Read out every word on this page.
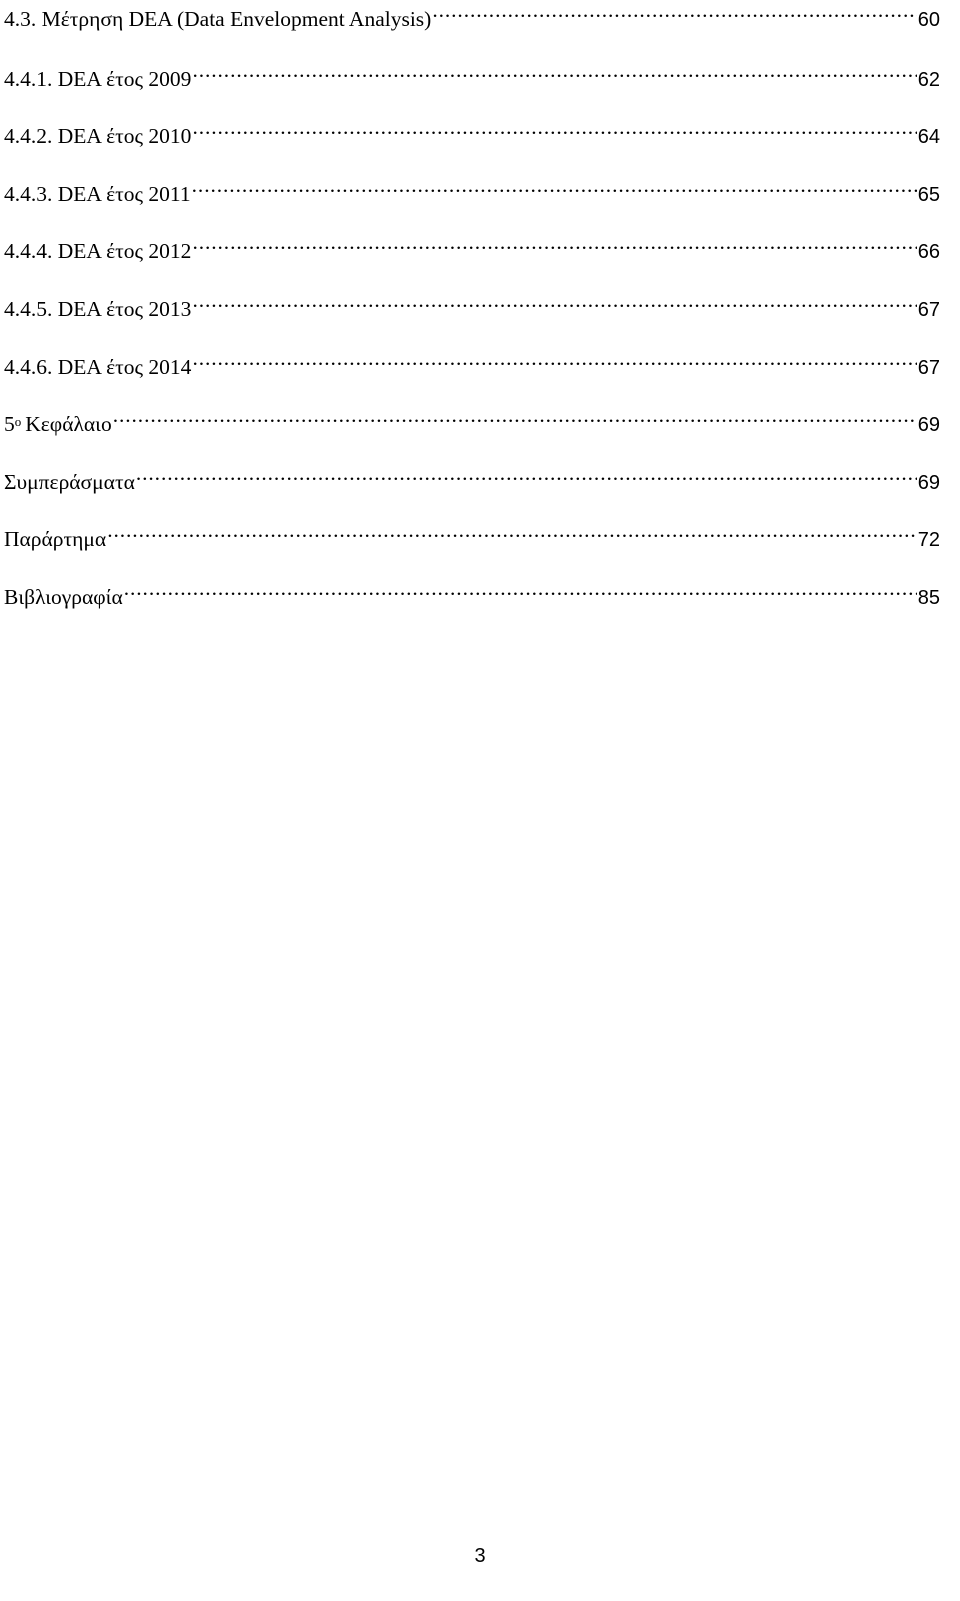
4.3. Μέτρηση DEA (Data Envelopment Analysis) .....	60
4.4.1. DEA έτος 2009 .....	62
4.4.2. DEA έτος 2010 .....	64
4.4.3. DEA έτος 2011 .....	65
4.4.4. DEA έτος 2012 .....	66
4.4.5. DEA έτος 2013 .....	67
4.4.6. DEA έτος 2014 .....	67
$5^o$ Κεφάλαιο .....	69
Συμπεράσματα .....	69
Παράρτημα .....	72
Βιβλιογραφία .....	85
3
